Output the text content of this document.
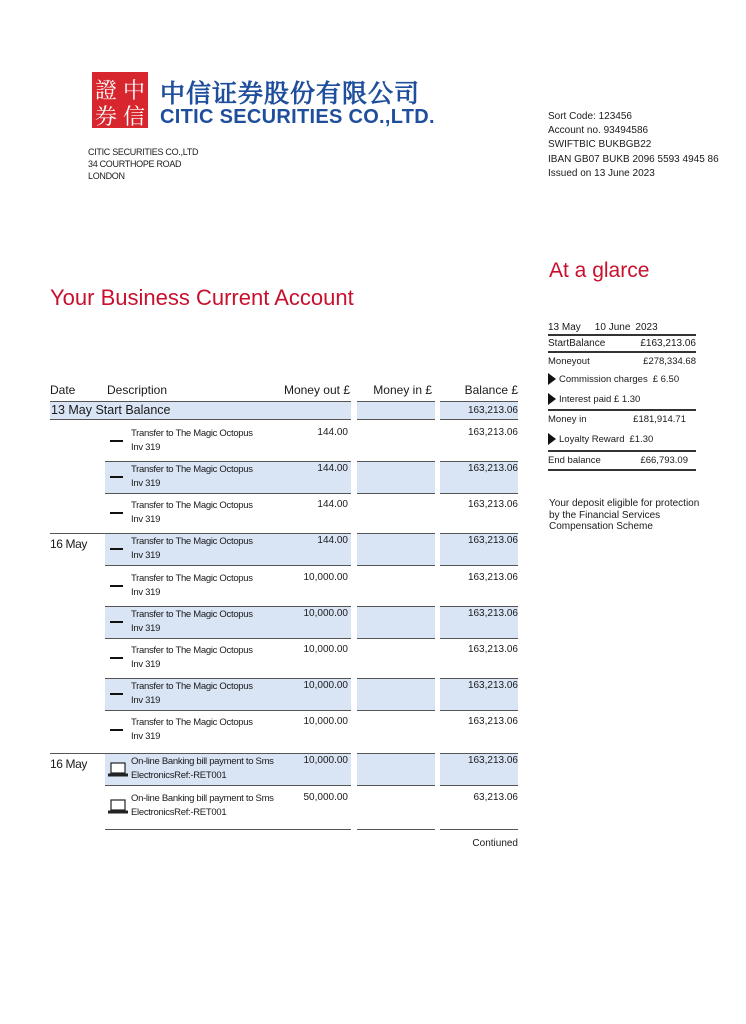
證
券
中
信
中信证券股份有限公司
CITIC SECURITIES CO.,LTD.
CITIC SECURITIES CO.,LTD
34 COURTHOPE ROAD
LONDON
Sort Code: 123456
Account no. 93494586
SWIFTBIC BUKBGB22
IBAN GB07 BUKB 2096 5593 4945 86
Issued on 13 June 2023
At a glarce
Your Business Current Account
13 May 10 June 2023
StartBalance	£163,213.06
Moneyout	£278,334.68
Commission charges £ 6.50
Interest paid £ 1.30
Money in	£181,914.71
Loyalty Reward £1.30
End balance	£66,793.09
Your deposit eligible for protection
by the Financial Services
Compensation Scheme
Date	Description	Money out £ Money in £	Balance £
13 May Start Balance	163,213.06
Transfer to The Magic Octopus
Inv 319
144.00	163,213.06
Transfer to The Magic Octopus
Inv 319
144.00	163,213.06
Transfer to The Magic Octopus
Inv 319
144.00	163,213.06
16 May	Transfer to The Magic Octopus
Inv 319
144.00	163,213.06
Transfer to The Magic Octopus
Inv 319
10,000.00	163,213.06
Transfer to The Magic Octopus
Inv 319
10,000.00	163,213.06
Transfer to The Magic Octopus
Inv 319
10,000.00	163,213.06
Transfer to The Magic Octopus
Inv 319
10,000.00	163,213.06
Transfer to The Magic Octopus
Inv 319
10,000.00	163,213.06
16 May	On-line Banking bill payment to Sms
ElectronicsRef:-RET001
10,000.00	163,213.06
On-line Banking bill payment to Sms
ElectronicsRef:-RET001
50,000.00	63,213.06
Contiuned
